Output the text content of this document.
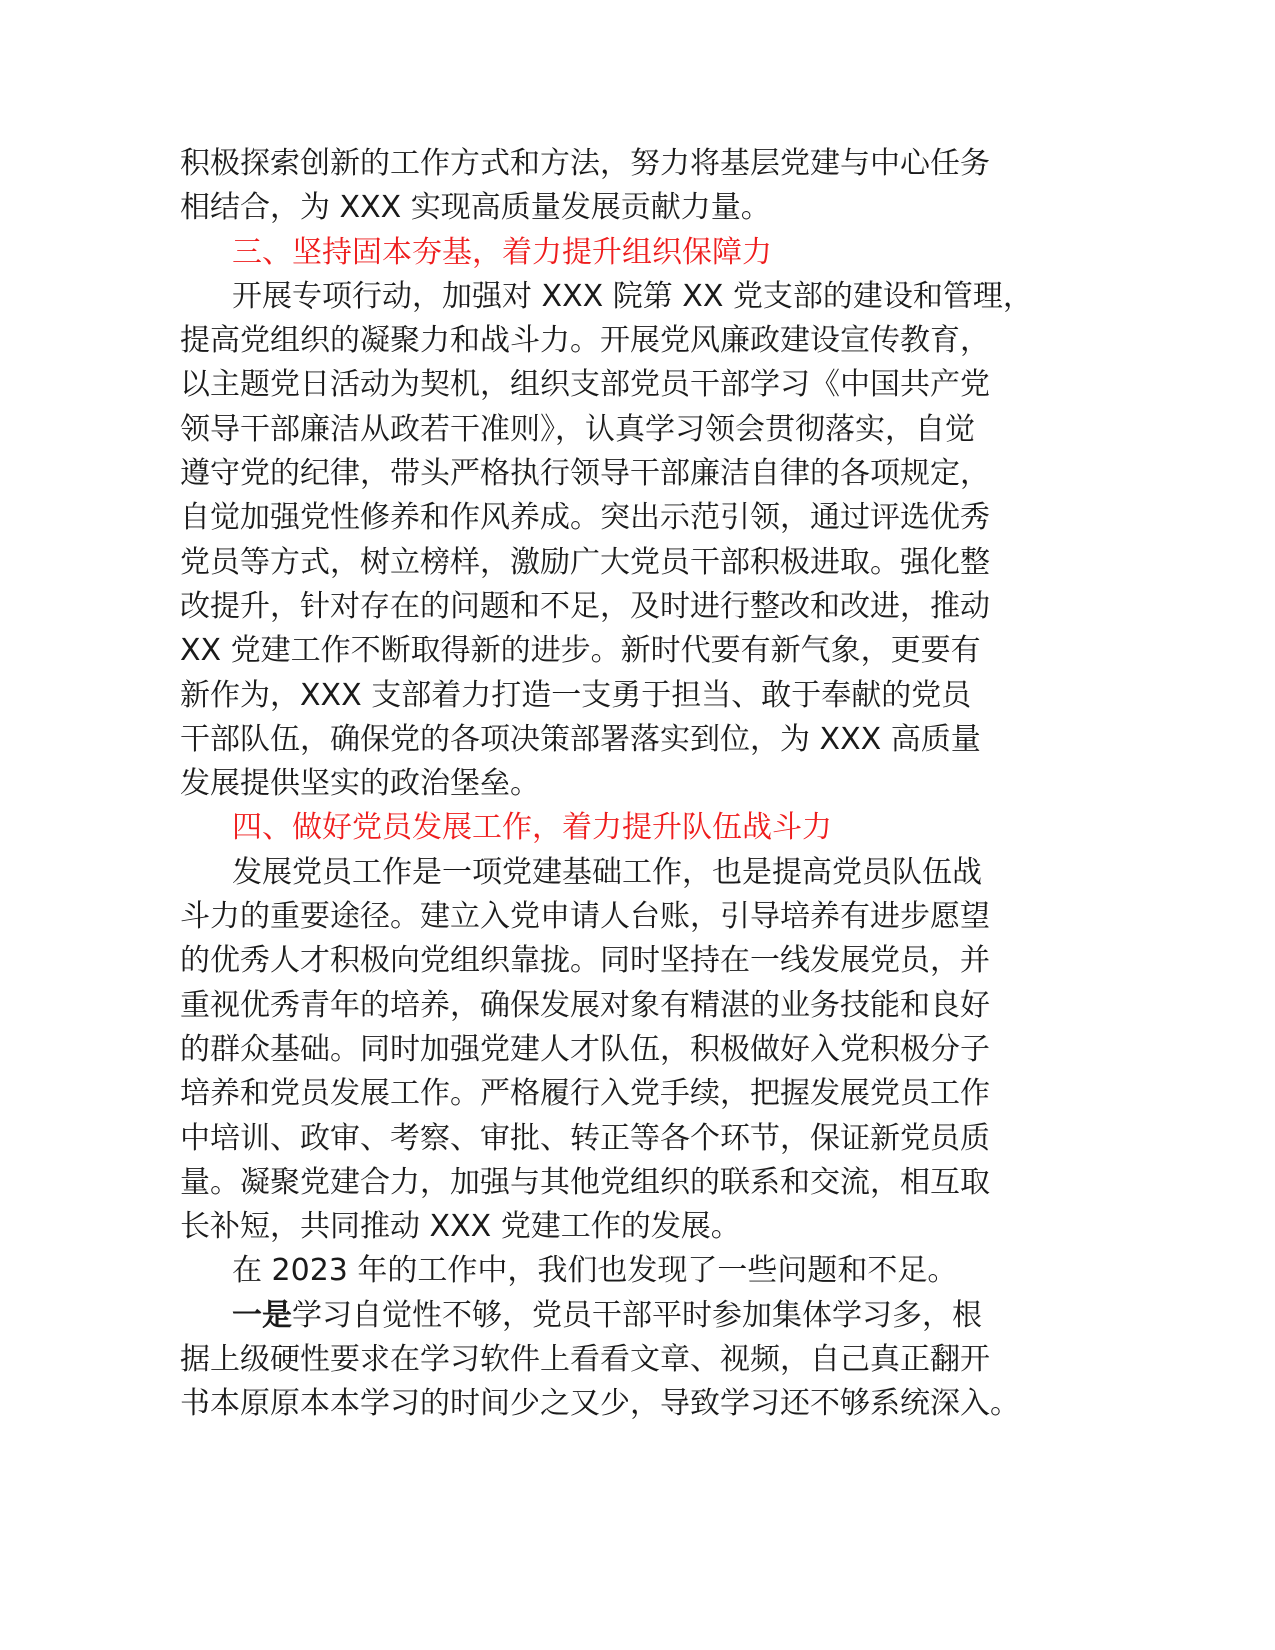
积极探索创新的工作方式和方法，努力将基层党建与中心任务

相结合，为 XXX 实现高质量发展贡献力量。

三、坚持固本夯基，着力提升组织保障力

开展专项行动，加强对 XXX 院第 XX 党支部的建设和管理，

提高党组织的凝聚力和战斗力。开展党风廉政建设宣传教育，

以主题党日活动为契机，组织支部党员干部学习《中国共产党

领导干部廉洁从政若干准则》，认真学习领会贯彻落实，自觉

遵守党的纪律，带头严格执行领导干部廉洁自律的各项规定，

自觉加强党性修养和作风养成。突出示范引领，通过评选优秀

党员等方式，树立榜样，激励广大党员干部积极进取。强化整

改提升，针对存在的问题和不足，及时进行整改和改进，推动

XX 党建工作不断取得新的进步。新时代要有新气象，更要有

新作为，XXX 支部着力打造一支勇于担当、敢于奉献的党员

干部队伍，确保党的各项决策部署落实到位，为 XXX 高质量

发展提供坚实的政治堡垒。

四、做好党员发展工作，着力提升队伍战斗力

发展党员工作是一项党建基础工作，也是提高党员队伍战

斗力的重要途径。建立入党申请人台账，引导培养有进步愿望

的优秀人才积极向党组织靠拢。同时坚持在一线发展党员，并

重视优秀青年的培养，确保发展对象有精湛的业务技能和良好

的群众基础。同时加强党建人才队伍，积极做好入党积极分子

培养和党员发展工作。严格履行入党手续，把握发展党员工作

中培训、政审、考察、审批、转正等各个环节，保证新党员质

量。凝聚党建合力，加强与其他党组织的联系和交流，相互取

长补短，共同推动 XXX 党建工作的发展。

在 2023 年的工作中，我们也发现了一些问题和不足。

一是学习自觉性不够，党员干部平时参加集体学习多，根

据上级硬性要求在学习软件上看看文章、视频，自己真正翻开

书本原原本本学习的时间少之又少，导致学习还不够系统深入。
